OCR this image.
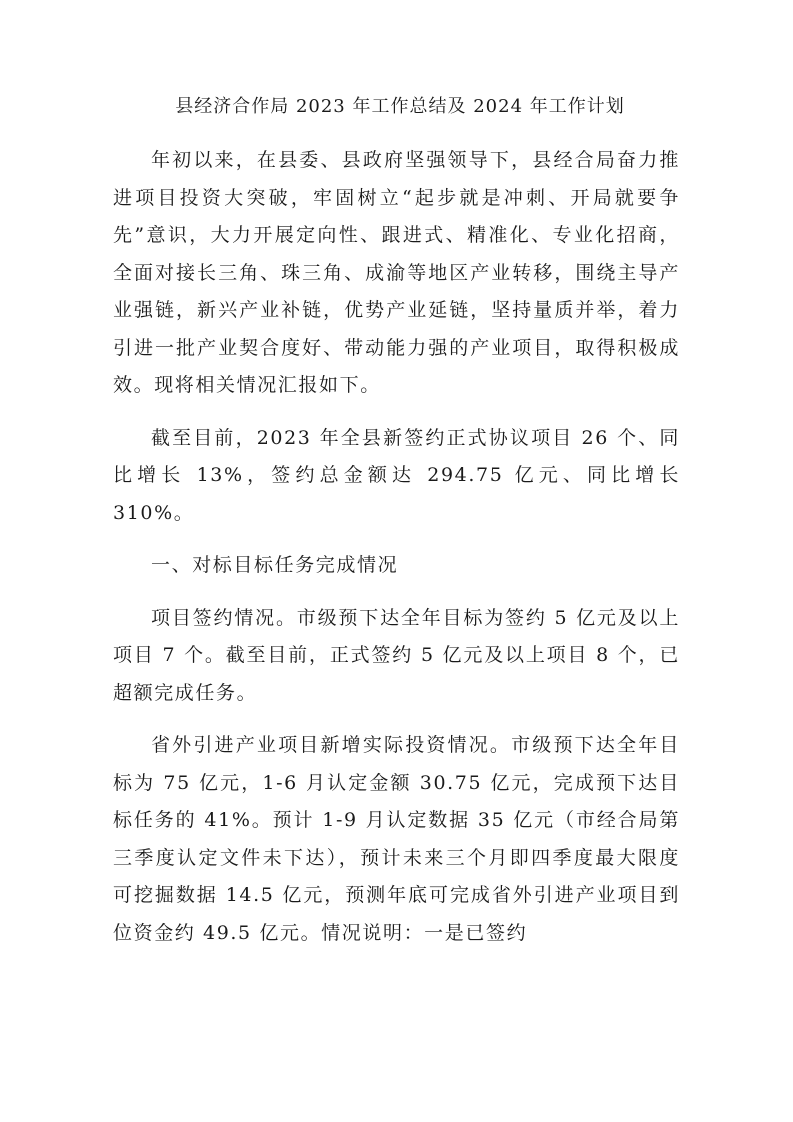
县经济合作局 2023 年工作总结及 2024 年工作计划

年初以来，在县委、县政府坚强领导下，县经合局奋力推进项目投资大突破，牢固树立“起步就是冲刺、开局就要争先”意识，大力开展定向性、跟进式、精准化、专业化招商，全面对接长三角、珠三角、成渝等地区产业转移，围绕主导产业强链，新兴产业补链，优势产业延链，坚持量质并举，着力引进一批产业契合度好、带动能力强的产业项目，取得积极成效。现将相关情况汇报如下。

截至目前，2023 年全县新签约正式协议项目 26 个、同比增长 13%，签约总金额达 294.75 亿元、同比增长 310%。

一、对标目标任务完成情况

项目签约情况。市级预下达全年目标为签约 5 亿元及以上项目 7 个。截至目前，正式签约 5 亿元及以上项目 8 个，已超额完成任务。

省外引进产业项目新增实际投资情况。市级预下达全年目标为 75 亿元，1-6 月认定金额 30.75 亿元，完成预下达目标任务的 41%。预计 1-9 月认定数据 35 亿元（市经合局第三季度认定文件未下达），预计未来三个月即四季度最大限度可挖掘数据 14.5 亿元，预测年底可完成省外引进产业项目到位资金约 49.5 亿元。情况说明：一是已签约
